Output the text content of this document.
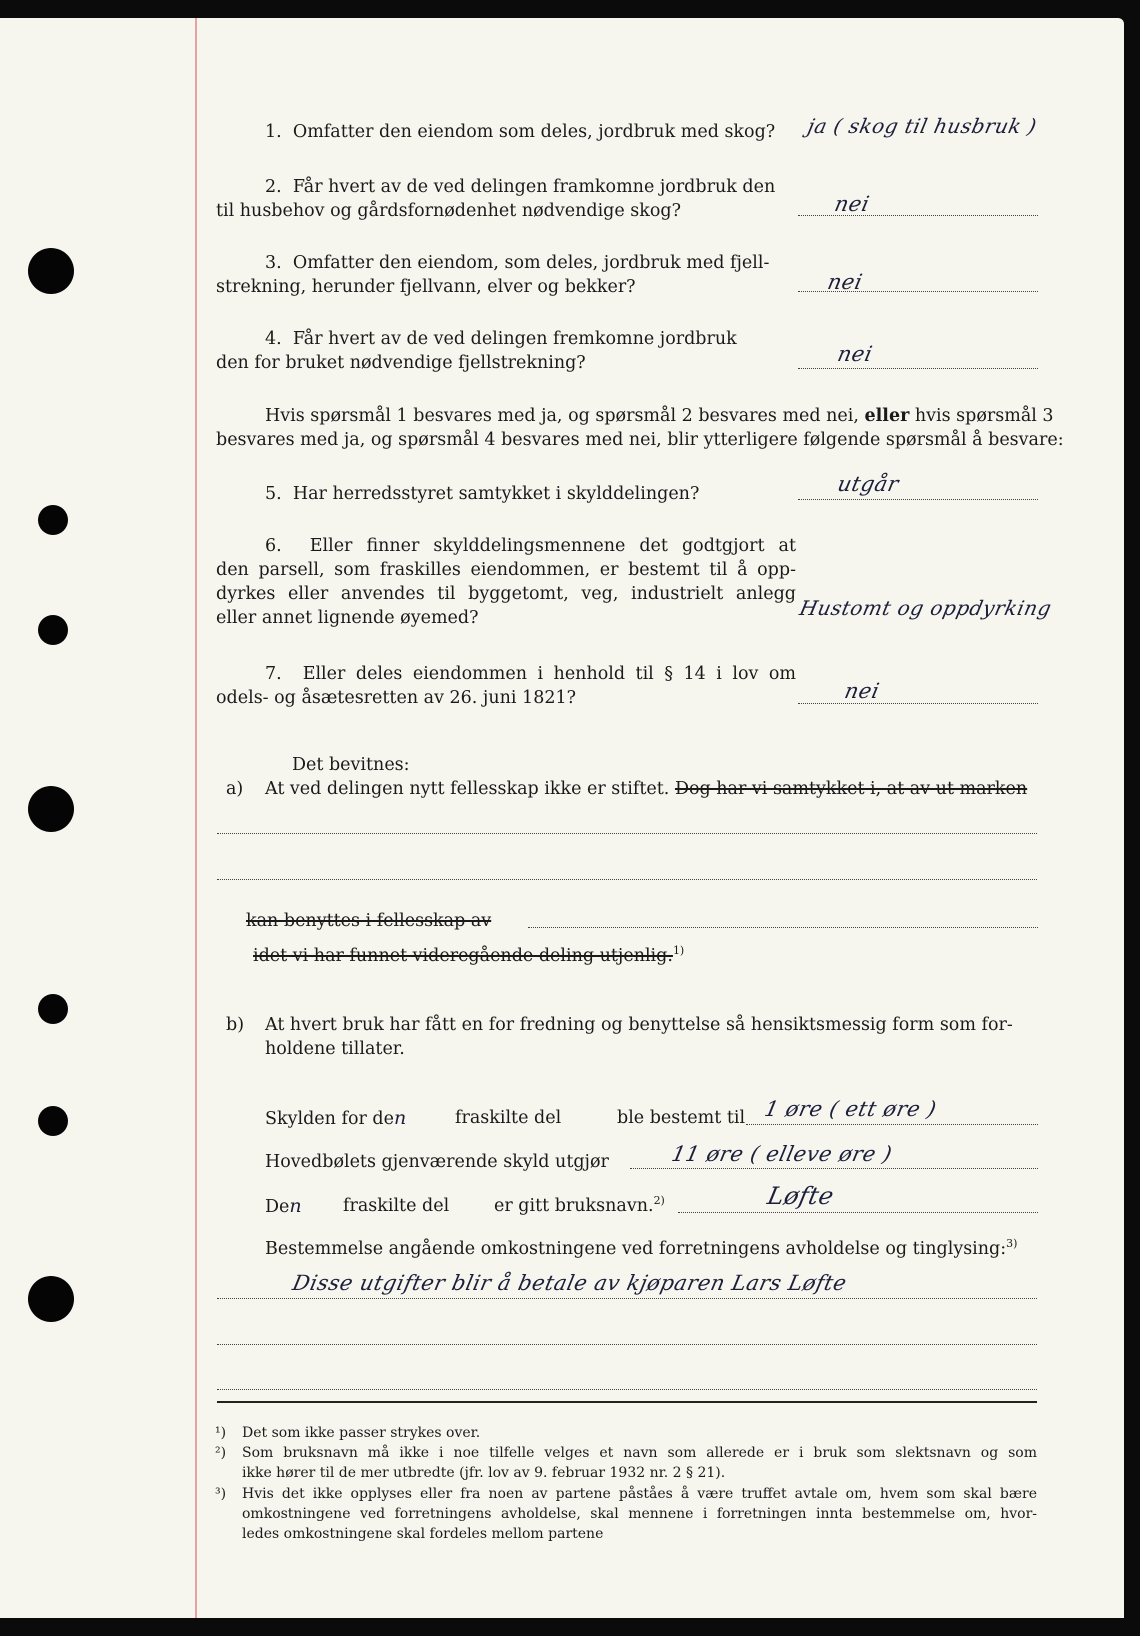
1. Omfatter den eiendom som deles, jordbruk med skog? ja ( skog til husbruk )
2. Får hvert av de ved delingen framkomne jordbruk den
til husbehov og gårdsfornødenhet nødvendige skog?	nei
3. Omfatter den eiendom, som deles, jordbruk med fjell-
strekning, herunder fjellvann, elver og bekker?	nei
4. Får hvert av de ved delingen fremkomne jordbruk
den for bruket nødvendige fjellstrekning?	nei
Hvis spørsmål 1 besvares med ja, og spørsmål 2 besvares med nei, eller hvis spørsmål 3
besvares med ja, og spørsmål 4 besvares med nei, blir ytterligere følgende spørsmål å besvare:
5. Har herredsstyret samtykket i skylddelingen?	utgår
6. Eller finner skylddelingsmennene det godtgjort at
den parsell, som fraskilles eiendommen, er bestemt til å opp-
dyrkes eller anvendes til byggetomt, veg, industrielt anlegg
eller annet lignende øyemed?	Hustomt og oppdyrking
7. Eller deles eiendommen i henhold til § 14 i lov om
odels- og åsætesretten av 26. juni 1821?	nei
Det bevitnes:
a) At ved delingen nytt fellesskap ikke er stiftet. Dog har vi samtykket i, at av ut marken
kan benyttes i fellesskap av
idet vi har funnet videregående deling utjenlig.$^{1)}$
b) At hvert bruk har fått en for fredning og benyttelse så hensiktsmessig form som for-
holdene tillater.
Skylden for den	fraskilte del	ble bestemt til 1 øre ( ett øre )
Hovedbølets gjenværende skyld utgjør	11 øre ( elleve øre )
Den fraskilte del	er gitt bruksnavn.$^{2)}$	Løfte
Bestemmelse angående omkostningene ved forretningens avholdelse og tinglysing:$^{3)}$
Disse utgifter blir å betale av kjøparen Lars Løfte
¹) Det som ikke passer strykes over.
²) Som bruksnavn må ikke i noe tilfelle velges et navn som allerede er i bruk som slektsnavn og som
ikke hører til de mer utbredte (jfr. lov av 9. februar 1932 nr. 2 § 21).
³) Hvis det ikke opplyses eller fra noen av partene påståes å være truffet avtale om, hvem som skal bære
omkostningene ved forretningens avholdelse, skal mennene i forretningen innta bestemmelse om, hvor-
ledes omkostningene skal fordeles mellom partene
